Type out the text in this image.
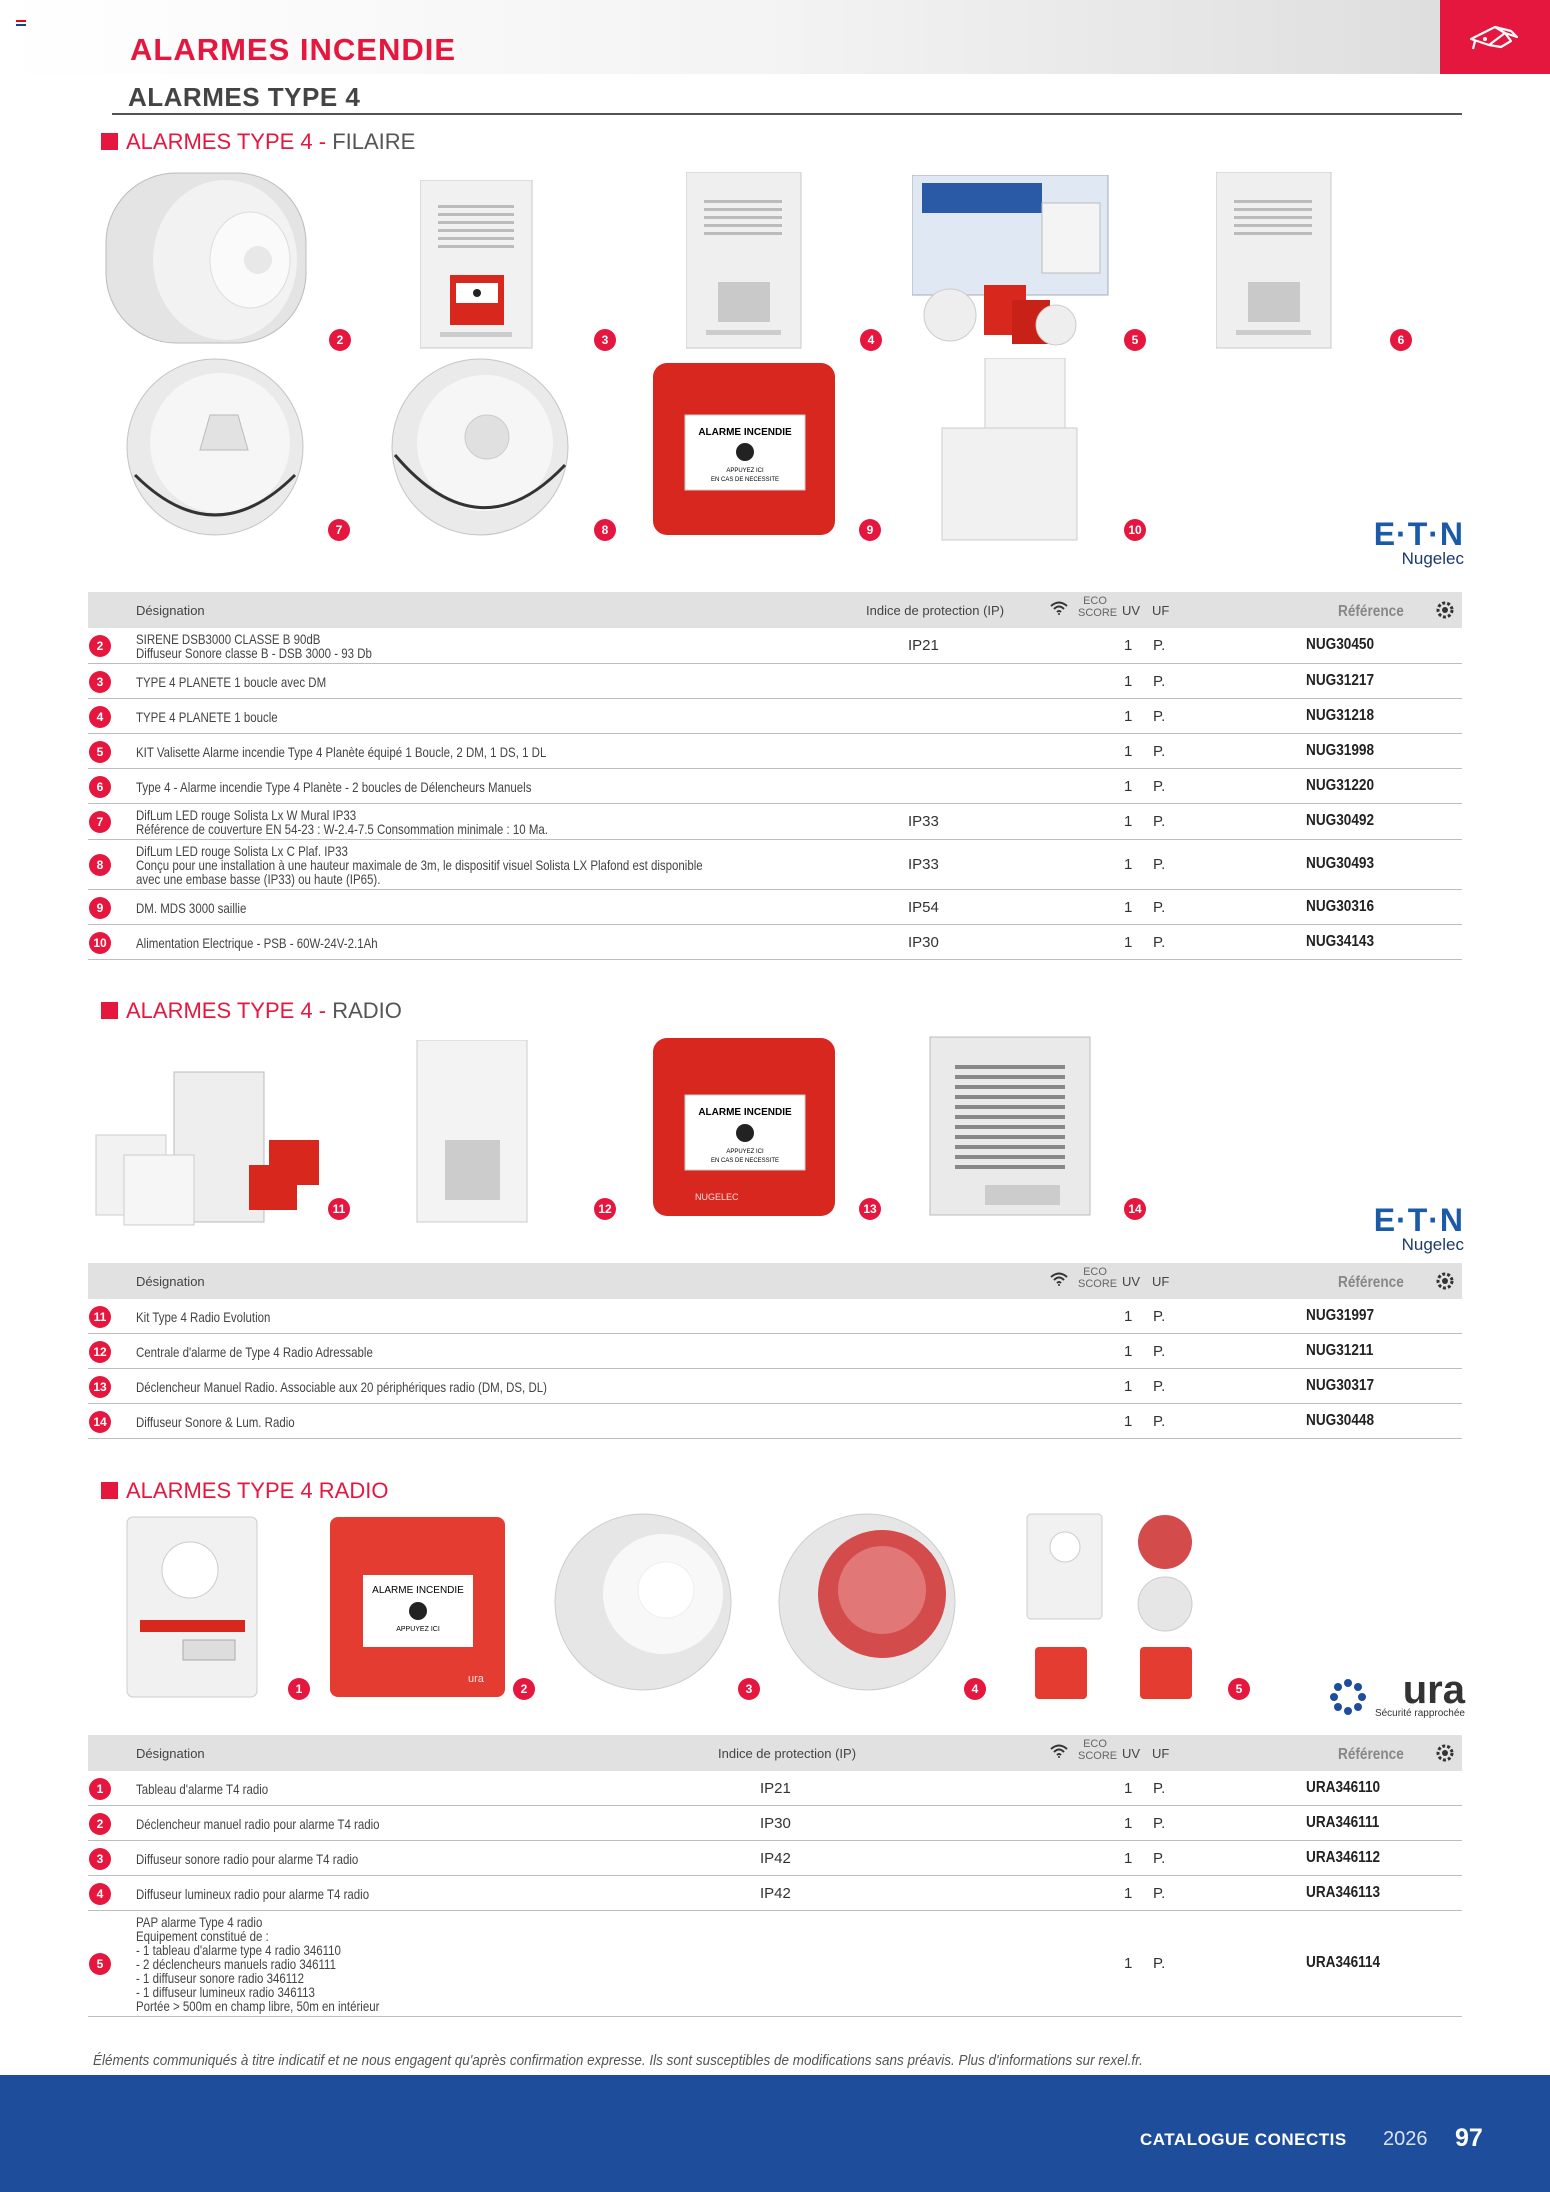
ALARMES INCENDIE
ALARMES TYPE 4
ALARMES TYPE 4 - FILAIRE
2	3	4	5	6
7	8
ALARME INCENDIE
APPUYEZ ICI
EN CAS DE NECESSITE
9	10	E·T·N
Nugelec
Désignation	Indice de protection (IP)
ECO SCORE UV UF	Référence
2	SIRENE DSB3000 CLASSE B 90dB
Diffuseur Sonore classe B - DSB 3000 - 93 Db	IP21	1 P.	NUG30450
3	TYPE 4 PLANETE 1 boucle avec DM	1 P.	NUG31217
4	TYPE 4 PLANETE 1 boucle	1 P.	NUG31218
5	KIT Valisette Alarme incendie Type 4 Planète équipé 1 Boucle, 2 DM, 1 DS, 1 DL	1 P.	NUG31998
6	Type 4 - Alarme incendie Type 4 Planète - 2 boucles de Délencheurs Manuels	1 P.	NUG31220
7	DifLum LED rouge Solista Lx W Mural IP33
Référence de couverture EN 54-23 : W-2.4-7.5 Consommation minimale : 10 Ma.	IP33	1 P.	NUG30492
8
DifLum LED rouge Solista Lx C Plaf. IP33
Conçu pour une installation à une hauteur maximale de 3m, le dispositif visuel Solista LX Plafond est disponible
avec une embase basse (IP33) ou haute (IP65).
IP33	1 P.	NUG30493
9	DM. MDS 3000 saillie	IP54	1 P.	NUG30316
10	Alimentation Electrique - PSB - 60W-24V-2.1Ah	IP30	1 P.	NUG34143
ALARMES TYPE 4 - RADIO
11	12
ALARME INCENDIE
APPUYEZ ICI
EN CAS DE NECESSITE
NUGELEC
13	14	E·T·N
Nugelec
Désignation
ECO SCORE UV UF	Référence
11	Kit Type 4 Radio Evolution	1 P.	NUG31997
12	Centrale d'alarme de Type 4 Radio Adressable	1 P.	NUG31211
13	Déclencheur Manuel Radio. Associable aux 20 périphériques radio (DM, DS, DL)	1 P.	NUG30317
14	Diffuseur Sonore & Lum. Radio	1 P.	NUG30448
ALARMES TYPE 4 RADIO
1
ALARME INCENDIE
APPUYEZ ICI
ura
2	3	4	5	ura
Sécurité rapprochée
Désignation	Indice de protection (IP)
ECO SCORE UV UF	Référence
1	Tableau d'alarme T4 radio	IP21	1 P.	URA346110
2	Déclencheur manuel radio pour alarme T4 radio	IP30	1 P.	URA346111
3	Diffuseur sonore radio pour alarme T4 radio	IP42	1 P.	URA346112
4	Diffuseur lumineux radio pour alarme T4 radio	IP42	1 P.	URA346113
5
PAP alarme Type 4 radio
Equipement constitué de :
- 1 tableau d'alarme type 4 radio 346110
- 2 déclencheurs manuels radio 346111
- 1 diffuseur sonore radio 346112
- 1 diffuseur lumineux radio 346113
Portée > 500m en champ libre, 50m en intérieur
1 P.	URA346114
Éléments communiqués à titre indicatif et ne nous engagent qu'après confirmation expresse. Ils sont susceptibles de modifications sans préavis. Plus d'informations sur rexel.fr.
CATALOGUE CONECTIS 2026 97
